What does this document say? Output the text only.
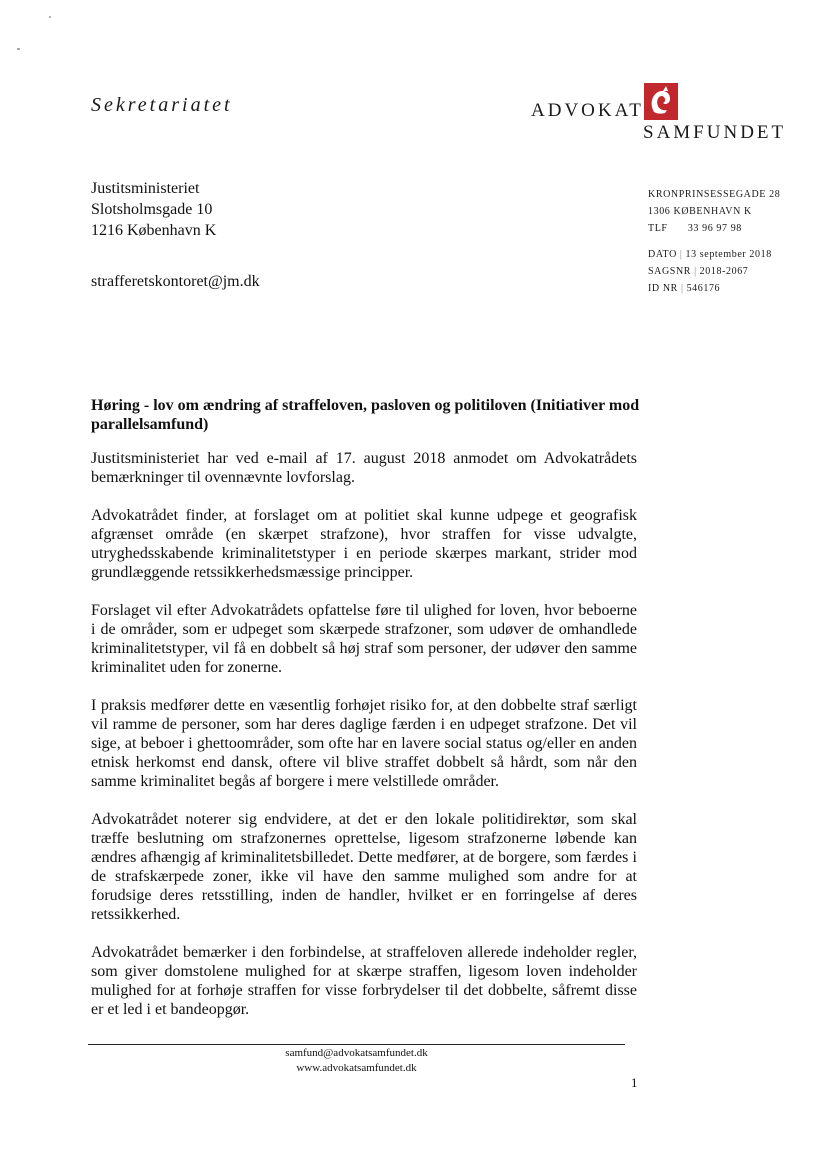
Sekretariatet	ADVOKAT
SAMFUNDET
Justitsministeriet
Slotsholmsgade 10
1216 København K
strafferetskontoret@jm.dk
KRONPRINSESSEGADE 28
1306 KØBENHAVN K
TLF 33 96 97 98
DATO | 13 september 2018
SAGSNR | 2018-2067
ID NR | 546176
Høring - lov om ændring af straffeloven, pasloven og politiloven (Initiativer mod parallelsamfund)

Justitsministeriet har ved e-mail af 17. august 2018 anmodet om Advokatrådets bemærkninger til ovennævnte lovforslag.

Advokatrådet finder, at forslaget om at politiet skal kunne udpege et geografisk afgrænset område (en skærpet strafzone), hvor straffen for visse udvalgte, utryghedsskabende kriminalitetstyper i en periode skærpes markant, strider mod grundlæggende retssikkerhedsmæssige principper.

Forslaget vil efter Advokatrådets opfattelse føre til ulighed for loven, hvor beboerne i de områder, som er udpeget som skærpede strafzoner, som udøver de omhandlede kriminalitetstyper, vil få en dobbelt så høj straf som personer, der udøver den samme kriminalitet uden for zonerne.

I praksis medfører dette en væsentlig forhøjet risiko for, at den dobbelte straf særligt vil ramme de personer, som har deres daglige færden i en udpeget strafzone. Det vil sige, at beboer i ghettoområder, som ofte har en lavere social status og/eller en anden etnisk herkomst end dansk, oftere vil blive straffet dobbelt så hårdt, som når den samme kriminalitet begås af borgere i mere velstillede områder.

Advokatrådet noterer sig endvidere, at det er den lokale politidirektør, som skal træffe beslutning om strafzonernes oprettelse, ligesom strafzonerne løbende kan ændres afhængig af kriminalitetsbilledet. Dette medfører, at de borgere, som færdes i de strafskærpede zoner, ikke vil have den samme mulighed som andre for at forudsige deres retsstilling, inden de handler, hvilket er en forringelse af deres retssikkerhed.

Advokatrådet bemærker i den forbindelse, at straffeloven allerede indeholder regler, som giver domstolene mulighed for at skærpe straffen, ligesom loven indeholder mulighed for at forhøje straffen for visse forbrydelser til det dobbelte, såfremt disse er et led i et bandeopgør.

samfund@advokatsamfundet.dk
www.advokatsamfundet.dk
1
